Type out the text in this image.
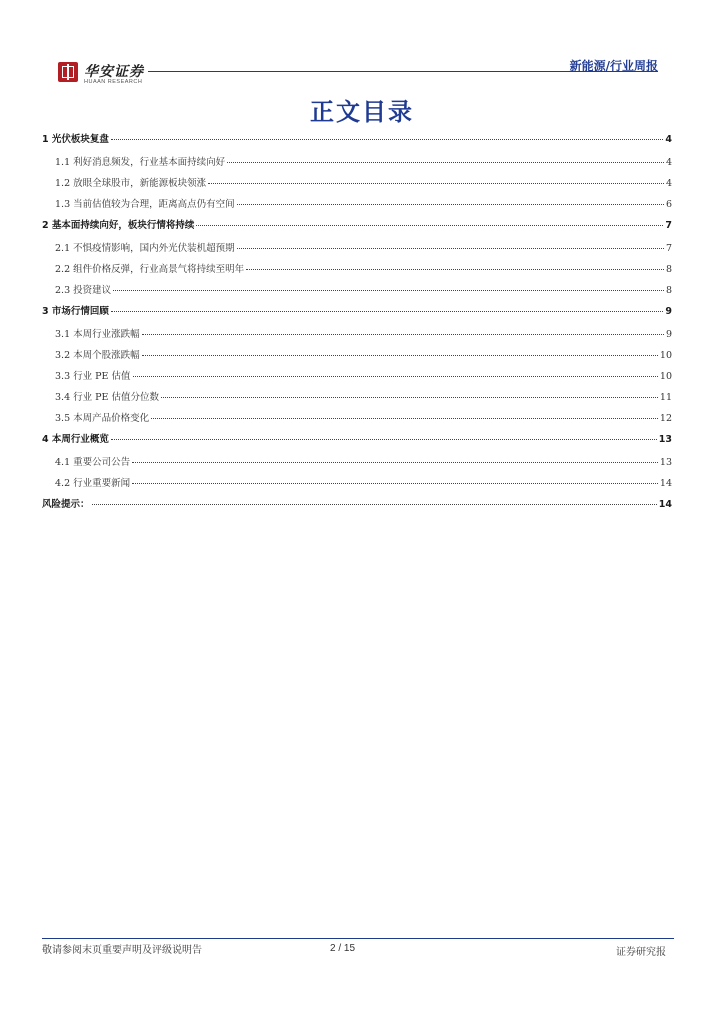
华安证券
HUAAN RESEARCH
新能源/行业周报
正文目录
1 光伏板块复盘	4
1.1 利好消息频发，行业基本面持续向好	4
1.2 放眼全球股市，新能源板块领涨	4
1.3 当前估值较为合理，距离高点仍有空间	6
2 基本面持续向好，板块行情将持续	7
2.1 不惧疫情影响，国内外光伏装机超预期	7
2.2 组件价格反弹，行业高景气将持续至明年	8
2.3 投资建议	8
3 市场行情回顾	9
3.1 本周行业涨跌幅	9
3.2 本周个股涨跌幅	10
3.3 行业 PE 估值	10
3.4 行业 PE 估值分位数	11
3.5 本周产品价格变化	12
4 本周行业概览	13
4.1 重要公司公告	13
4.2 行业重要新闻	14
风险提示：	14
敬请参阅末页重要声明及评级说明告	2 / 15	证券研究报
